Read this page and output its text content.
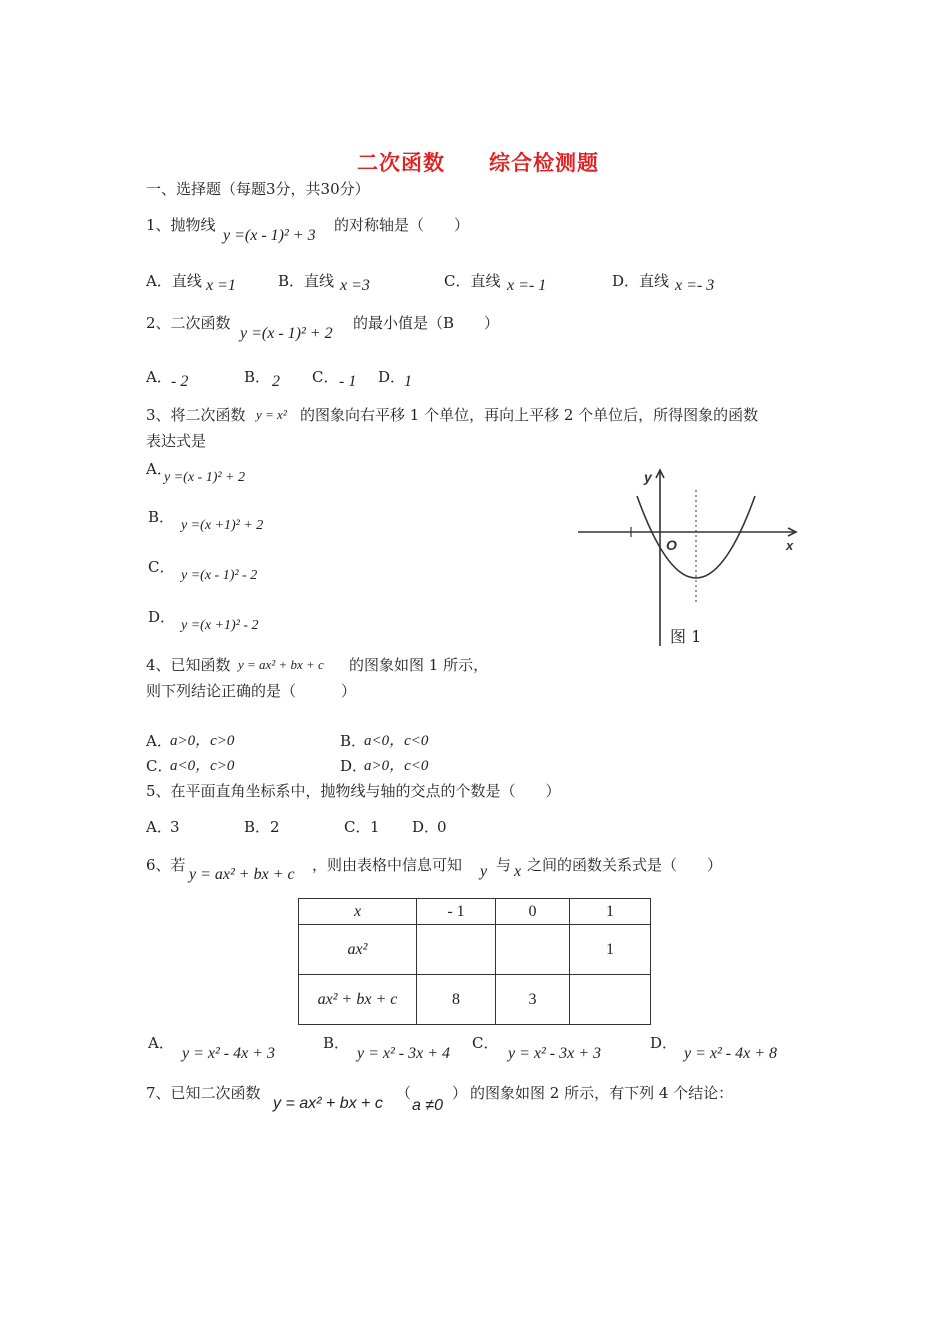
二次函数　　综合检测题
一、选择题（每题3分，共30分）
1、抛物线
y =(x - 1)² + 3
的对称轴是（　　）
A．直线 x =1	B．直线 x =3	C．直线 x =- 1	D．直线 x =- 3
2、二次函数
y =(x - 1)² + 2
的最小值是（B　　）
A． - 2	B． 2 C． - 1 D．
1
3、将二次函数 y = x² 的图象向右平移 1 个单位，再向上平移 2 个单位后，所得图象的函数
表达式是
A．
y =(x - 1)² + 2
B． y =(x +1)² + 2
C． y =(x - 1)² - 2
D． y =(x +1)² - 2
y
x
O
图 1
4、已知函数 y = ax² + bx + c 的图象如图 1 所示，
则下列结论正确的是（　　　）
A．
a>0，c>0	B．
a<0，c<0
C．
a<0，c>0	D．
a>0，c<0
5、在平面直角坐标系中，抛物线与轴的交点的个数是（　　）
A．
3	B． 2	C． 1 D．
0
6、若
y = ax² + bx + c
，则由表格中信息可知 y 与 x 之间的函数关系式是（　　）
x	- 1	0	1
ax²			1
ax² + bx + c	8	3	
A．
y = x² - 4x + 3
B．
y = x² - 3x + 4
C．
y = x² - 3x + 3
D．
y = x² - 4x + 8
7、已知二次函数
y = ax² + bx + c
（
a ≠0
） 的图象如图 2 所示，有下列 4 个结论：
